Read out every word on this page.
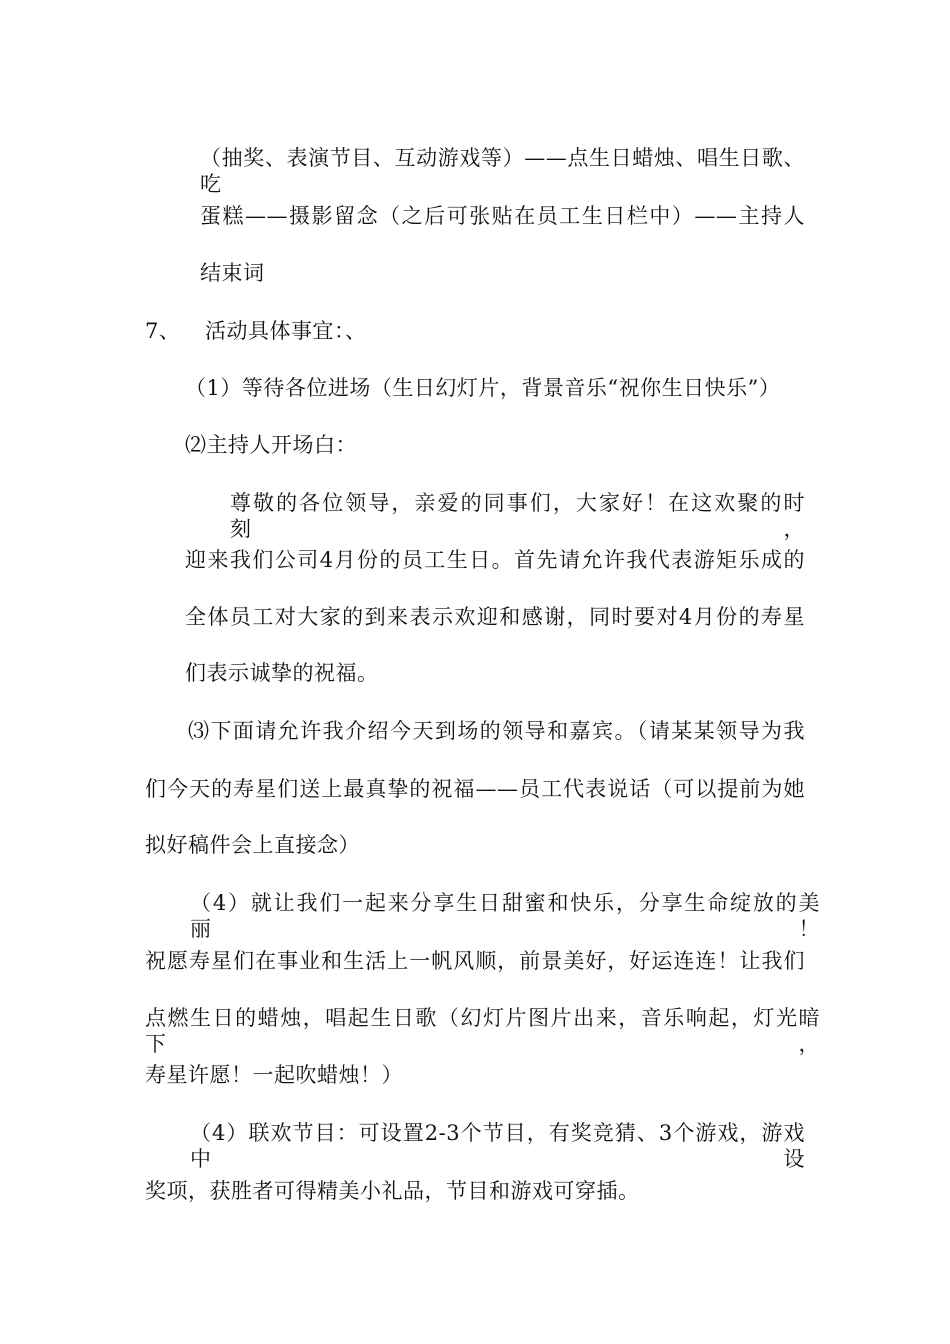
（抽奖、表演节目、互动游戏等）——点生日蜡烛、唱生日歌、吃
蛋糕——摄影留念（之后可张贴在员工生日栏中）——主持人
结束词
7、 活动具体事宜：、
（1）等待各位进场（生日幻灯片，背景音乐“祝你生日快乐”）
⑵主持人开场白：
尊敬的各位领导，亲爱的同事们，大家好！在这欢聚的时刻，
迎来我们公司4月份的员工生日。首先请允许我代表游矩乐成的
全体员工对大家的到来表示欢迎和感谢，同时要对4月份的寿星
们表示诚挚的祝福。
⑶下面请允许我介绍今天到场的领导和嘉宾。（请某某领导为我
们今天的寿星们送上最真挚的祝福——员工代表说话（可以提前为她
拟好稿件会上直接念）
（4）就让我们一起来分享生日甜蜜和快乐，分享生命绽放的美丽！
祝愿寿星们在事业和生活上一帆风顺，前景美好，好运连连！让我们
点燃生日的蜡烛，唱起生日歌（幻灯片图片出来，音乐响起，灯光暗下，
寿星许愿！一起吹蜡烛！）
（4）联欢节目：可设置2-3个节目，有奖竞猜、3个游戏，游戏中设
奖项，获胜者可得精美小礼品，节目和游戏可穿插。
